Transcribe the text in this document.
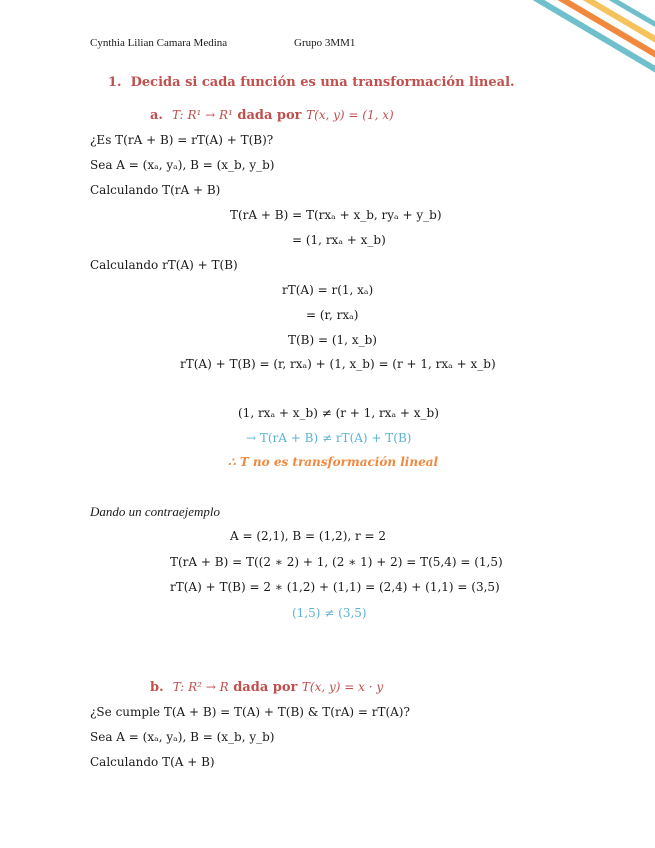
Cynthia Lilian Camara Medina	Grupo 3MM1
1. Decida si cada función es una transformación lineal.
a. T: R¹ → R¹ dada por T(x, y) = (1, x)
¿Es T(rA + B) = rT(A) + T(B)?
Sea A = (xₐ, yₐ), B = (x_b, y_b)
Calculando T(rA + B)
T(rA + B) = T(rxₐ + x_b, ryₐ + y_b)
= (1, rxₐ + x_b)
Calculando rT(A) + T(B)
rT(A) = r(1, xₐ)
= (r, rxₐ)
T(B) = (1, x_b)
rT(A) + T(B) = (r, rxₐ) + (1, x_b) = (r + 1, rxₐ + x_b)
(1, rxₐ + x_b) ≠ (r + 1, rxₐ + x_b)
→ T(rA + B) ≠ rT(A) + T(B)
∴ T no es transformación lineal
Dando un contraejemplo
A = (2,1), B = (1,2), r = 2
T(rA + B) = T((2 ∗ 2) + 1, (2 ∗ 1) + 2) = T(5,4) = (1,5)
rT(A) + T(B) = 2 ∗ (1,2) + (1,1) = (2,4) + (1,1) = (3,5)
(1,5) ≠ (3,5)
b. T: R² → R dada por T(x, y) = x · y
¿Se cumple T(A + B) = T(A) + T(B) & T(rA) = rT(A)?
Sea A = (xₐ, yₐ), B = (x_b, y_b)
Calculando T(A + B)
